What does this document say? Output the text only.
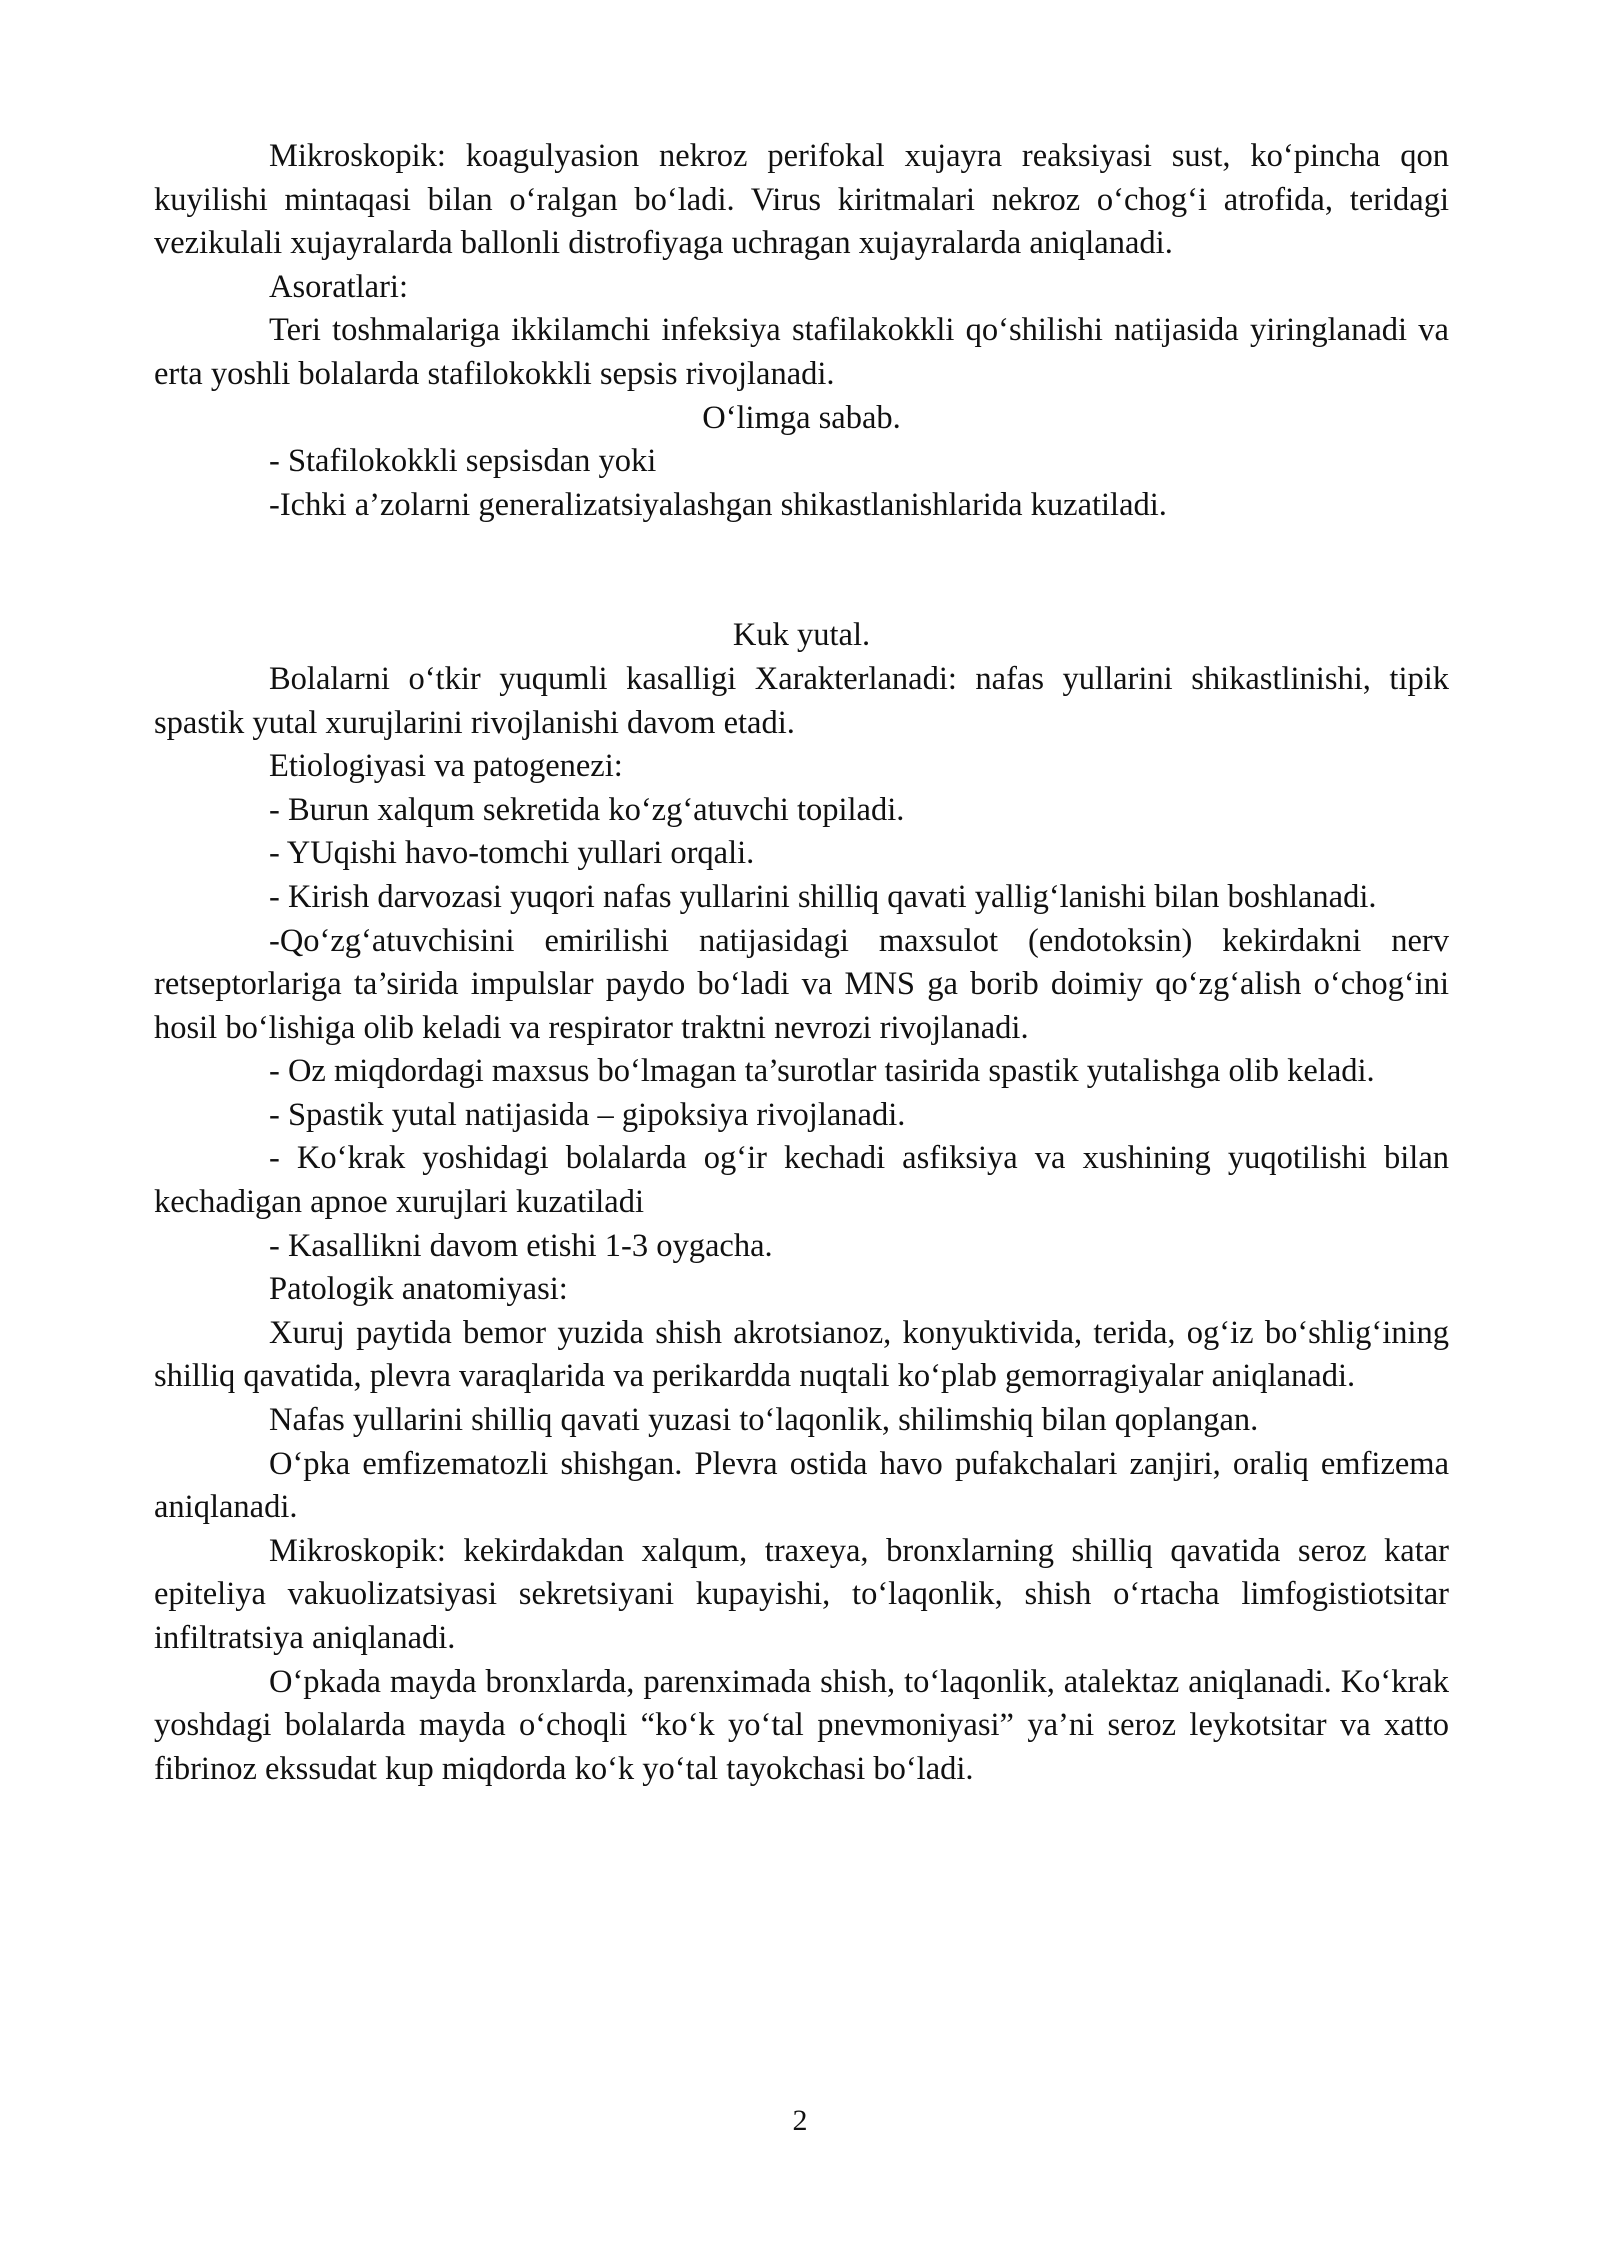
Mikroskopik: koagulyasion nekroz perifokal xujayra reaksiyasi sust, koʻpincha qon kuyilishi mintaqasi bilan oʻralgan boʻladi. Virus kiritmalari nekroz oʻchogʻi atrofida, teridagi vezikulali xujayralarda ballonli distrofiyaga uchragan xujayralarda aniqlanadi.

Asoratlari:

Teri toshmalariga ikkilamchi infeksiya stafilakokkli qoʻshilishi natijasida yiringlanadi va erta yoshli bolalarda stafilokokkli sepsis rivojlanadi.

Oʻlimga sabab.

- Stafilokokkli sepsisdan yoki

-Ichki a’zolarni generalizatsiyalashgan shikastlanishlarida kuzatiladi.

Kuk yutal.

Bolalarni oʻtkir yuqumli kasalligi Xarakterlanadi: nafas yullarini shikastlinishi, tipik spastik yutal xurujlarini rivojlanishi davom etadi.

Etiologiyasi va patogenezi:

- Burun xalqum sekretida koʻzgʻatuvchi topiladi.

- YUqishi havo-tomchi yullari orqali.

- Kirish darvozasi yuqori nafas yullarini shilliq qavati yalligʻlanishi bilan boshlanadi.

-Qoʻzgʻatuvchisini emirilishi natijasidagi maxsulot (endotoksin) kekirdakni nerv retseptorlariga ta’sirida impulslar paydo boʻladi va MNS ga borib doimiy qoʻzgʻalish oʻchogʻini hosil boʻlishiga olib keladi va respirator traktni nevrozi rivojlanadi.

- Oz miqdordagi maxsus boʻlmagan ta’surotlar tasirida spastik yutalishga olib keladi.

- Spastik yutal natijasida – gipoksiya rivojlanadi.

- Koʻkrak yoshidagi bolalarda ogʻir kechadi asfiksiya va xushining yuqotilishi bilan kechadigan apnoe xurujlari kuzatiladi

- Kasallikni davom etishi 1-3 oygacha.

Patologik anatomiyasi:

Xuruj paytida bemor yuzida shish akrotsianoz, konyuktivida, terida, ogʻiz boʻshligʻining shilliq qavatida, plevra varaqlarida va perikardda nuqtali koʻplab gemorragiyalar aniqlanadi.

Nafas yullarini shilliq qavati yuzasi toʻlaqonlik, shilimshiq bilan qoplangan.

Oʻpka emfizematozli shishgan. Plevra ostida havo pufakchalari zanjiri, oraliq emfizema aniqlanadi.

Mikroskopik: kekirdakdan xalqum, traxeya, bronxlarning shilliq qavatida seroz katar epiteliya vakuolizatsiyasi sekretsiyani kupayishi, toʻlaqonlik, shish oʻrtacha limfogistiotsitar infiltratsiya aniqlanadi.

Oʻpkada mayda bronxlarda, parenximada shish, toʻlaqonlik, atalektaz aniqlanadi. Koʻkrak yoshdagi bolalarda mayda oʻchoqli “koʻk yoʻtal pnevmoniyasi” ya’ni seroz leykotsitar va xatto fibrinoz ekssudat kup miqdorda koʻk yoʻtal tayokchasi boʻladi.

2
